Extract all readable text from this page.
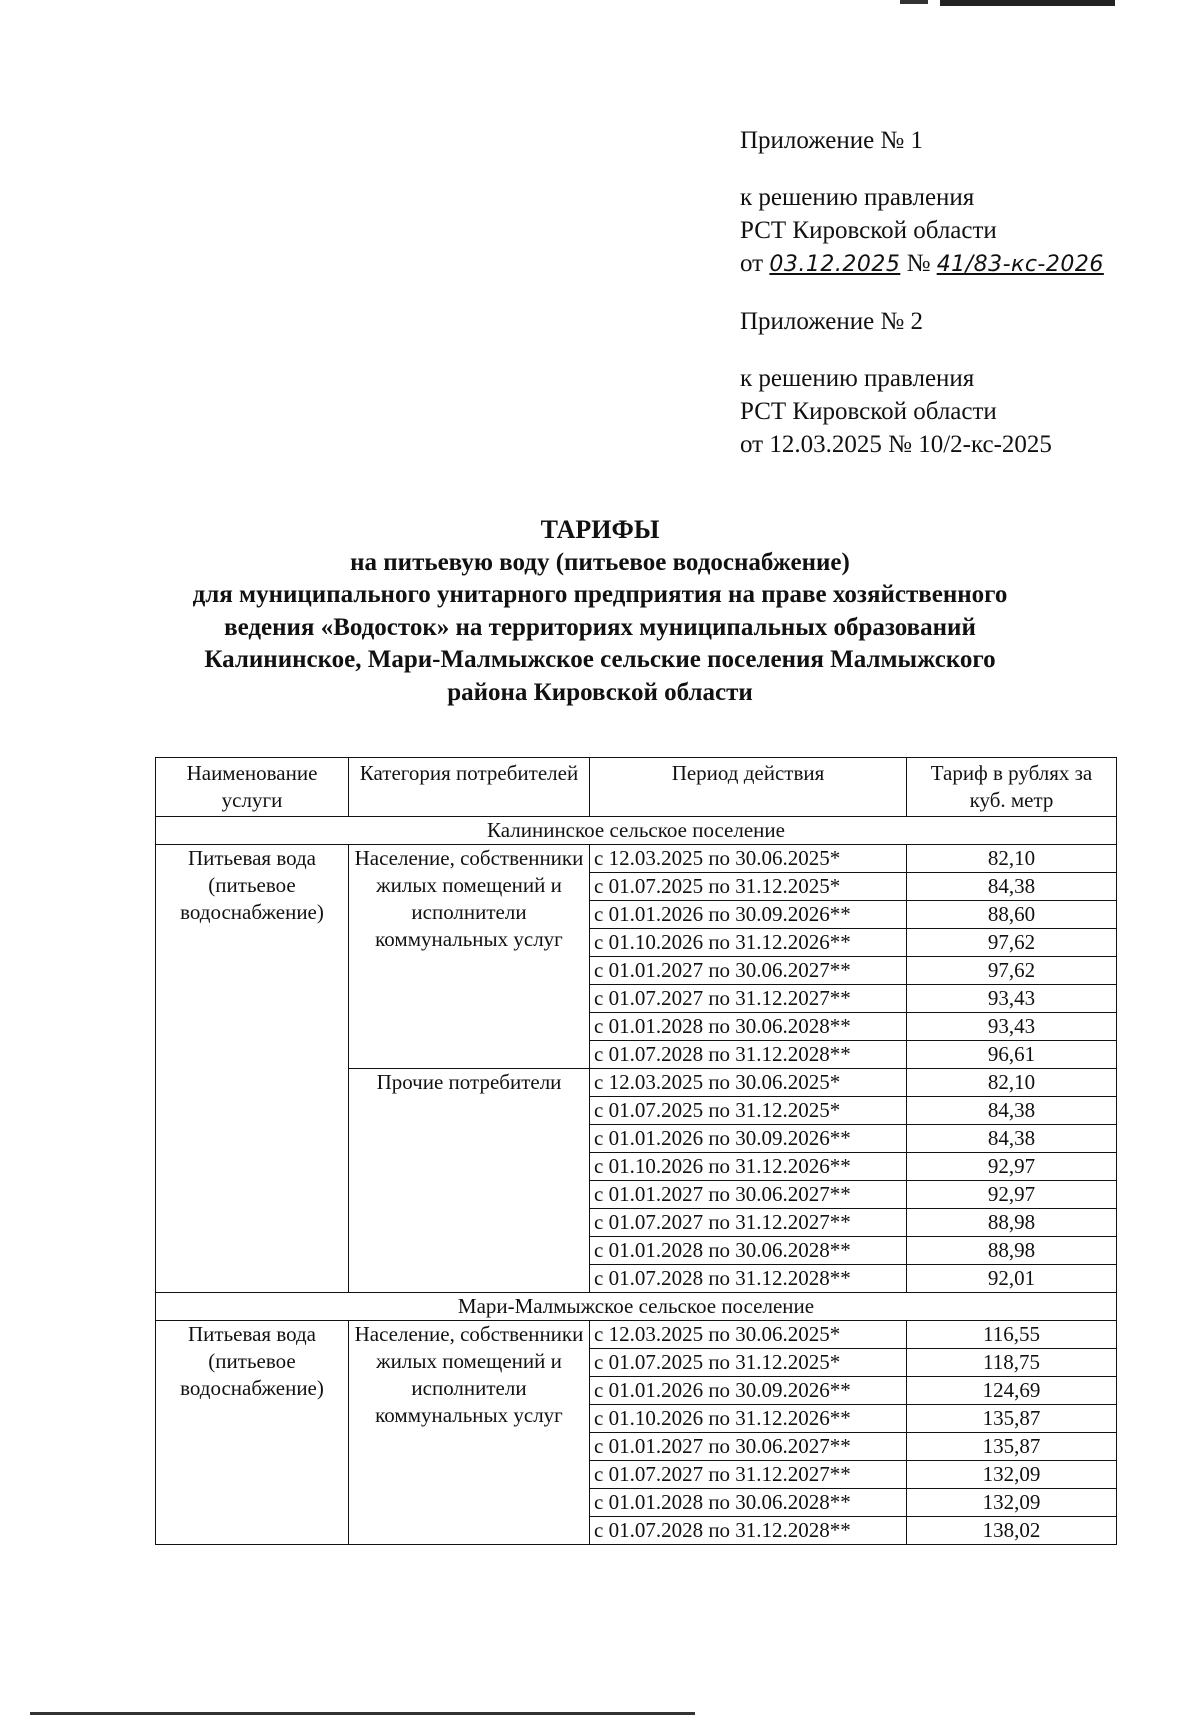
Приложение № 1
к решению правления
РСТ Кировской области
от 03.12.2025 № 41/83-кс-2026
Приложение № 2
к решению правления
РСТ Кировской области
от 12.03.2025 № 10/2-кс-2025
ТАРИФЫ
на питьевую воду (питьевое водоснабжение)
для муниципального унитарного предприятия на праве хозяйственного
ведения «Водосток» на территориях муниципальных образований
Калининское, Мари-Малмыжское сельские поселения Малмыжского
района Кировской области
Наименование услуги	Категория потребителей	Период действия	Тариф в рублях за куб. метр
Калининское сельское поселение			
Питьевая вода (питьевое водоснабжение)	Население, собственники жилых помещений и исполнители коммунальных услуг	с 12.03.2025 по 30.06.2025*	82,10
		с 01.07.2025 по 31.12.2025*	84,38
		с 01.01.2026 по 30.09.2026**	88,60
		с 01.10.2026 по 31.12.2026**	97,62
		с 01.01.2027 по 30.06.2027**	97,62
		с 01.07.2027 по 31.12.2027**	93,43
		с 01.01.2028 по 30.06.2028**	93,43
		с 01.07.2028 по 31.12.2028**	96,61
	Прочие потребители	с 12.03.2025 по 30.06.2025*	82,10
		с 01.07.2025 по 31.12.2025*	84,38
		с 01.01.2026 по 30.09.2026**	84,38
		с 01.10.2026 по 31.12.2026**	92,97
		с 01.01.2027 по 30.06.2027**	92,97
		с 01.07.2027 по 31.12.2027**	88,98
		с 01.01.2028 по 30.06.2028**	88,98
		с 01.07.2028 по 31.12.2028**	92,01
Мари-Малмыжское сельское поселение			
Питьевая вода (питьевое водоснабжение)	Население, собственники жилых помещений и исполнители коммунальных услуг	с 12.03.2025 по 30.06.2025*	116,55
		с 01.07.2025 по 31.12.2025*	118,75
		с 01.01.2026 по 30.09.2026**	124,69
		с 01.10.2026 по 31.12.2026**	135,87
		с 01.01.2027 по 30.06.2027**	135,87
		с 01.07.2027 по 31.12.2027**	132,09
		с 01.01.2028 по 30.06.2028**	132,09
		с 01.07.2028 по 31.12.2028**	138,02
